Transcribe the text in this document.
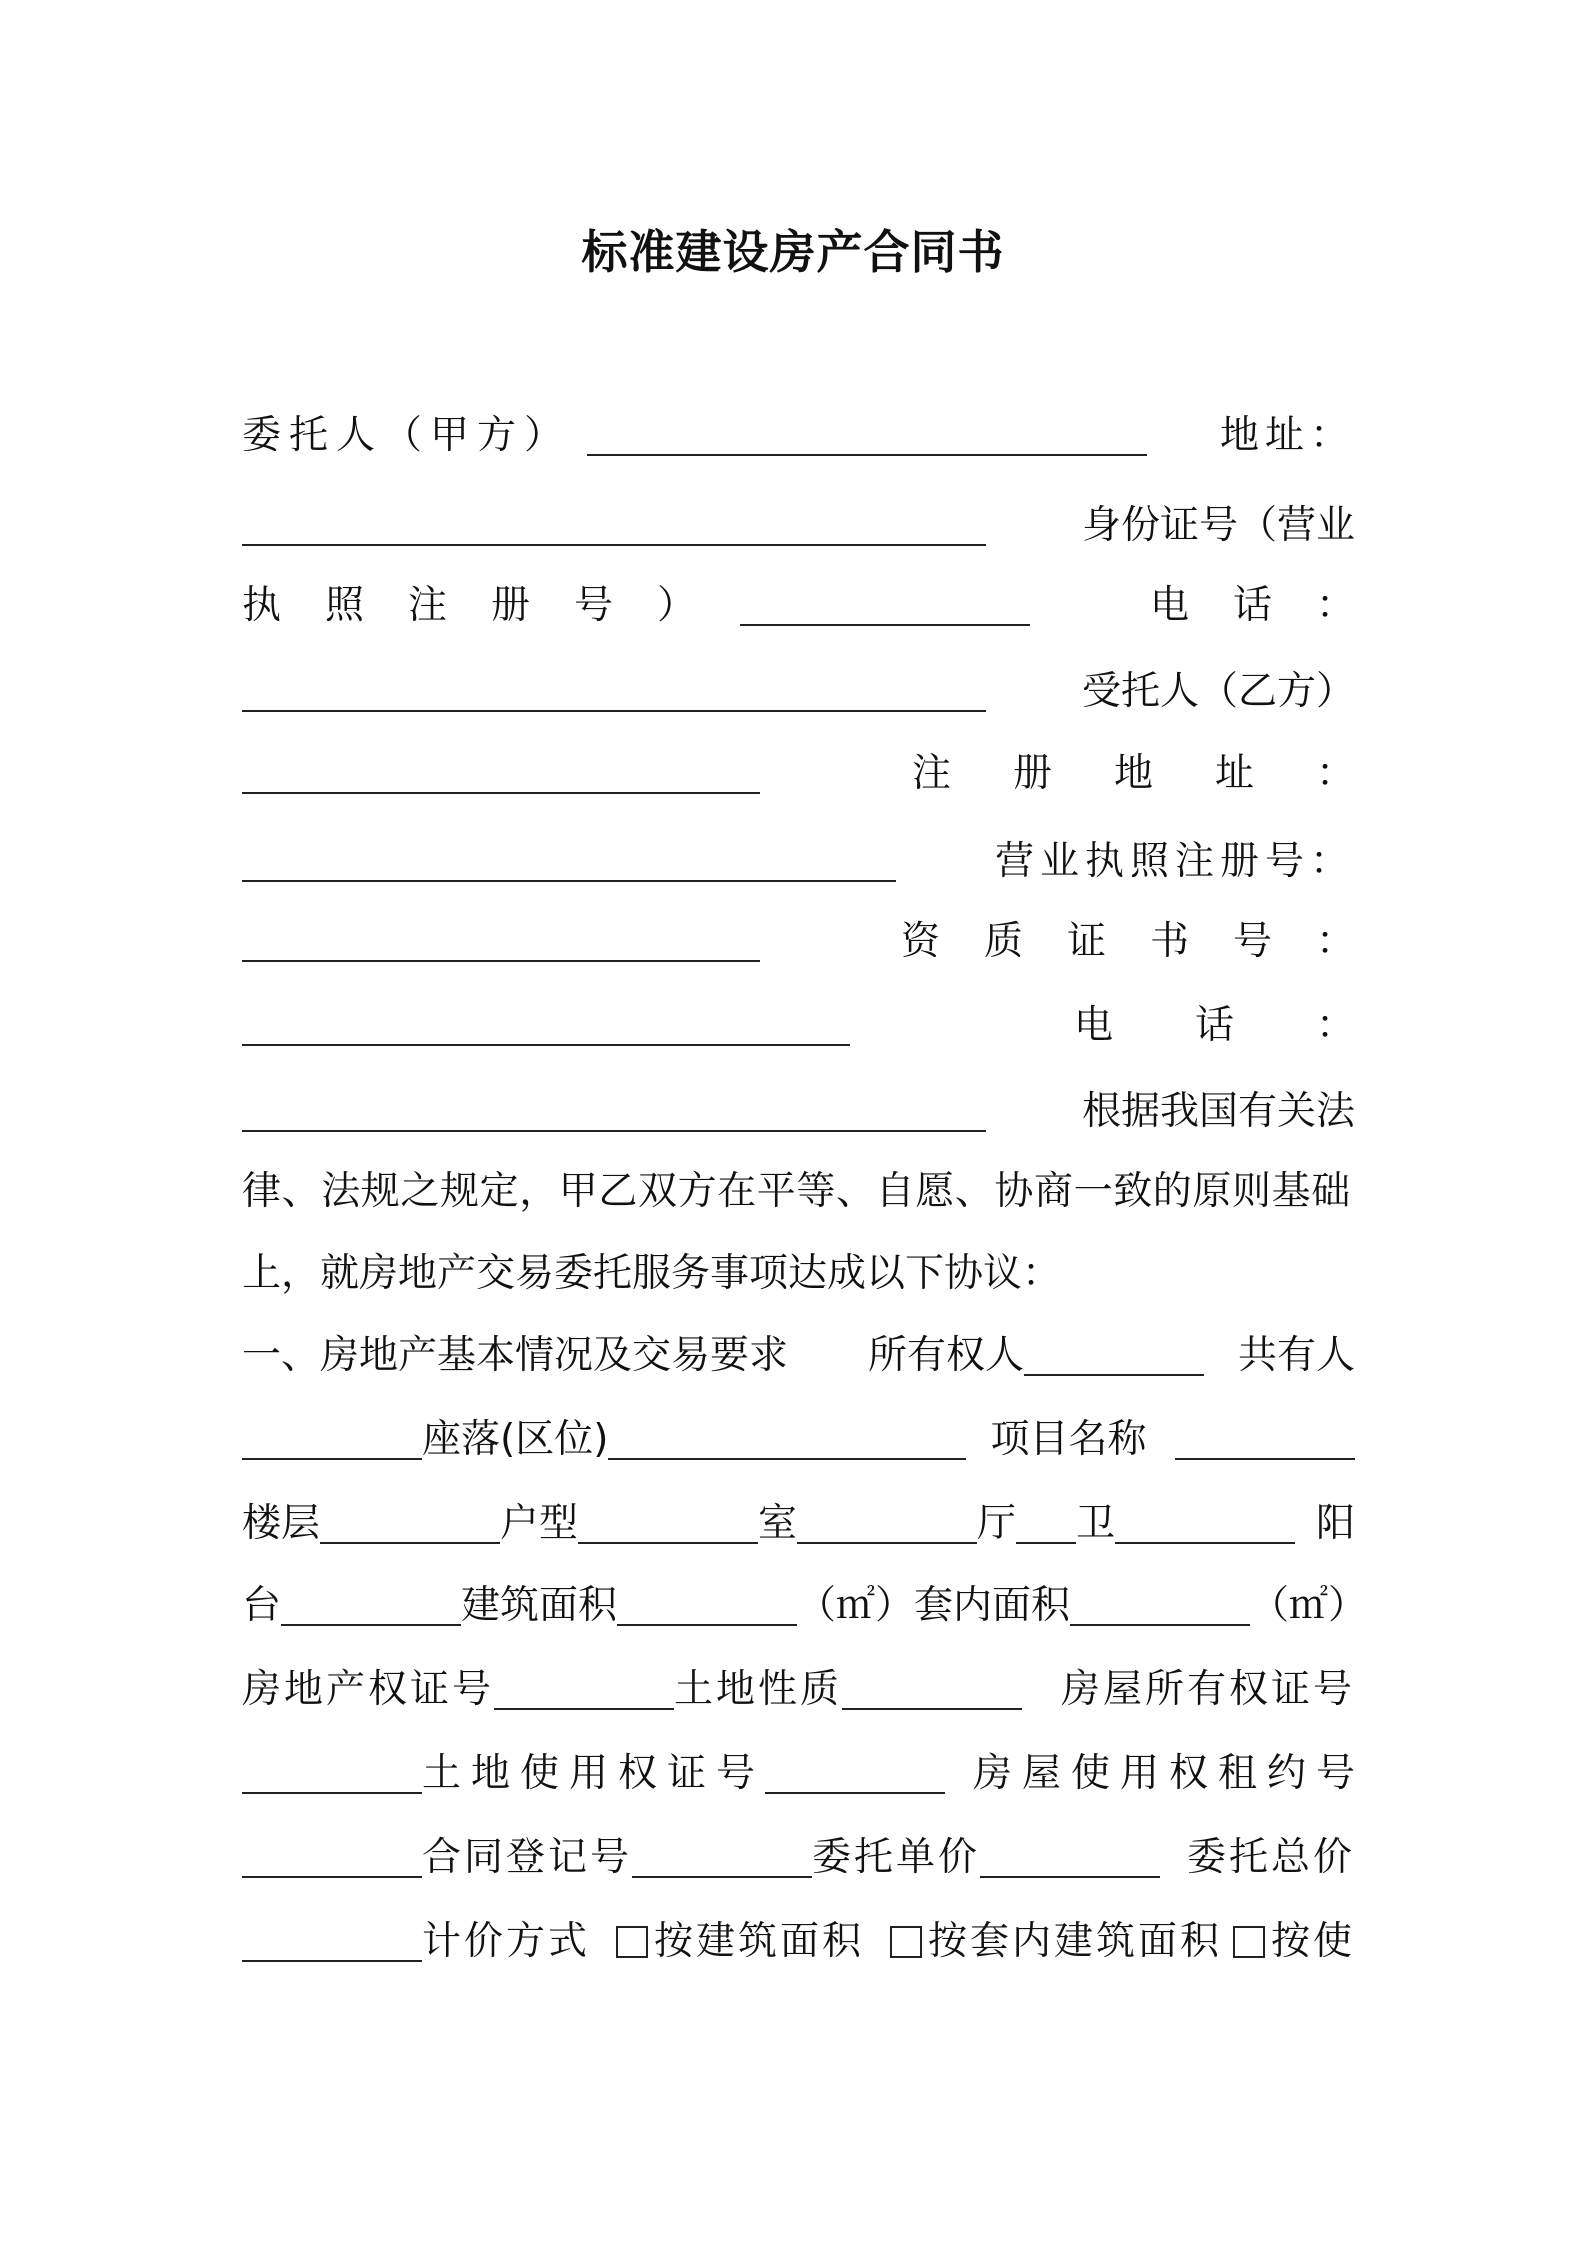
标准建设房产合同书
委托人（甲方）	地址：
身份证号（营业
执照注册号）	电话：
受托人（乙方）
注册地址：
营业执照注册号：
资质证书号：
电话：
根据我国有关法
律、法规之规定，甲乙双方在平等、自愿、协商一致的原则基础
上，就房地产交易委托服务事项达成以下协议：
一、房地产基本情况及交易要求 所有权人	共有人
座落(区位)	项目名称
楼层	户型	室	厅 卫	阳
台	建筑面积	（㎡）套内面积	（㎡）
房地产权证号	土地性质	房屋所有权证号
土地使用权证号	房屋使用权租约号
合同登记号	委托单价	委托总价
计价方式 按建筑面积 按套内建筑面积 按使
